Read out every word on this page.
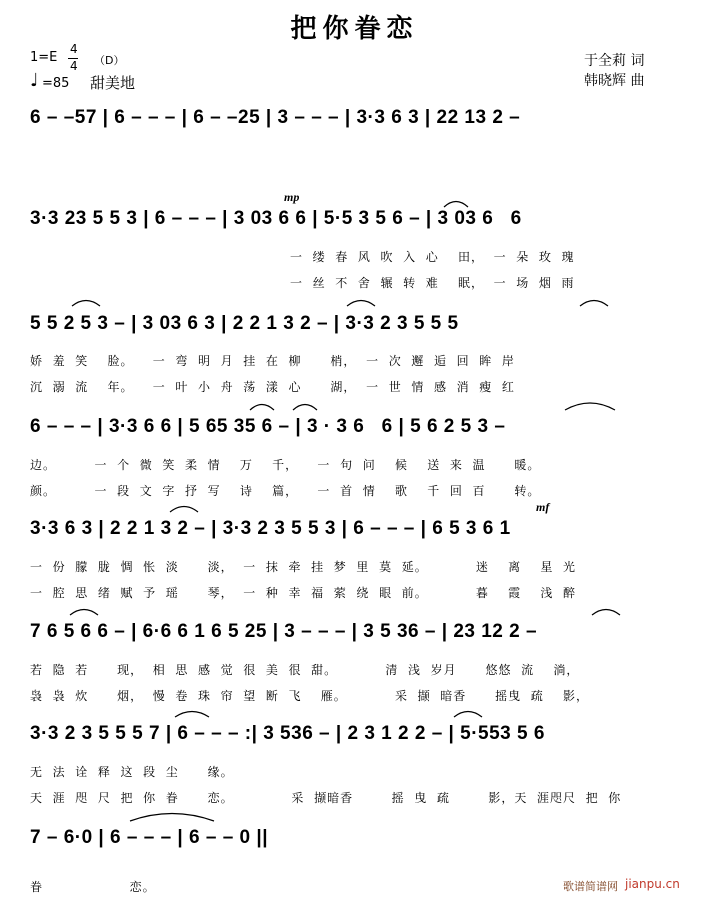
把你眷恋
1=E
4
4 （D）
♩ =85 甜美地
于全莉 词
韩晓辉 曲
6 – –57 | 6 – – – | 6 – –25 | 3 – – – | 3·3 6 3 | 22 13 2 –
mp
3·3 23 5 5 3 | 6 – – – | 3 03 6 6 | 5·5 3 5 6 – | 3 03 6   6
一  缕  春  风  吹  入  心    田，  一  朵  玫  瑰
一  丝  不  舍  辗  转  难    眠，  一  场  烟  雨
5 5 2 5 3 – | 3 03 6 3 | 2 2 1 3 2 – | 3·3 2 3 5 5 5
娇  羞  笑    脸。    一  弯  明  月  挂  在  柳      梢，  一  次  邂  逅  回  眸  岸
沉  溺  流    年。    一  叶  小  舟  荡  漾  心      湖，  一  世  情  感  消  瘦  红
6 – – – | 3·3 6 6 | 5 65 35 6 – | 3 · 3 6   6 | 5 6 2 5 3 –
边。        一  个  微  笑  柔  情    万    千，    一  句  问    候    送  来  温      暖。
颜。        一  段  文  字  抒  写    诗    篇，    一  首  情    歌    千  回  百      转。
mf
3·3 6 3 | 2 2 1 3 2 – | 3·3 2 3 5 5 3 | 6 – – – | 6 5 3 6 1
一  份  朦  胧  惆  怅  淡      淡，  一  抹  牵  挂  梦  里  莫  延。          迷    离    星  光
一  腔  思  绪  赋  予  瑶      琴，  一  种  幸  福  萦  绕  眼  前。          暮    霞    浅  醉
7 6 5 6 6 – | 6·6 6 1 6 5 25 | 3 – – – | 3 5 36 – | 23 12 2 –
若  隐  若      现，  相  思  感  觉  很  美  很  甜。          清  浅  岁月      悠悠  流    淌，
袅  袅  炊      烟，  慢  卷  珠  帘  望  断  飞    雁。          采  撷  暗香      摇曳  疏    影，
3·3 2 3 5 5 5 7 | 6 – – – :| 3 536 – | 2 3 1 2 2 – | 5·553 5 6
无  法  诠  释  这  段  尘      缘。
天  涯  咫  尺  把  你  眷      恋。            采  撷暗香        摇  曳  疏        影，天  涯咫尺  把  你
7 – 6·0 | 6 – – – | 6 – – 0 ||
眷                  恋。	歌谱简谱网 jianpu.cn
